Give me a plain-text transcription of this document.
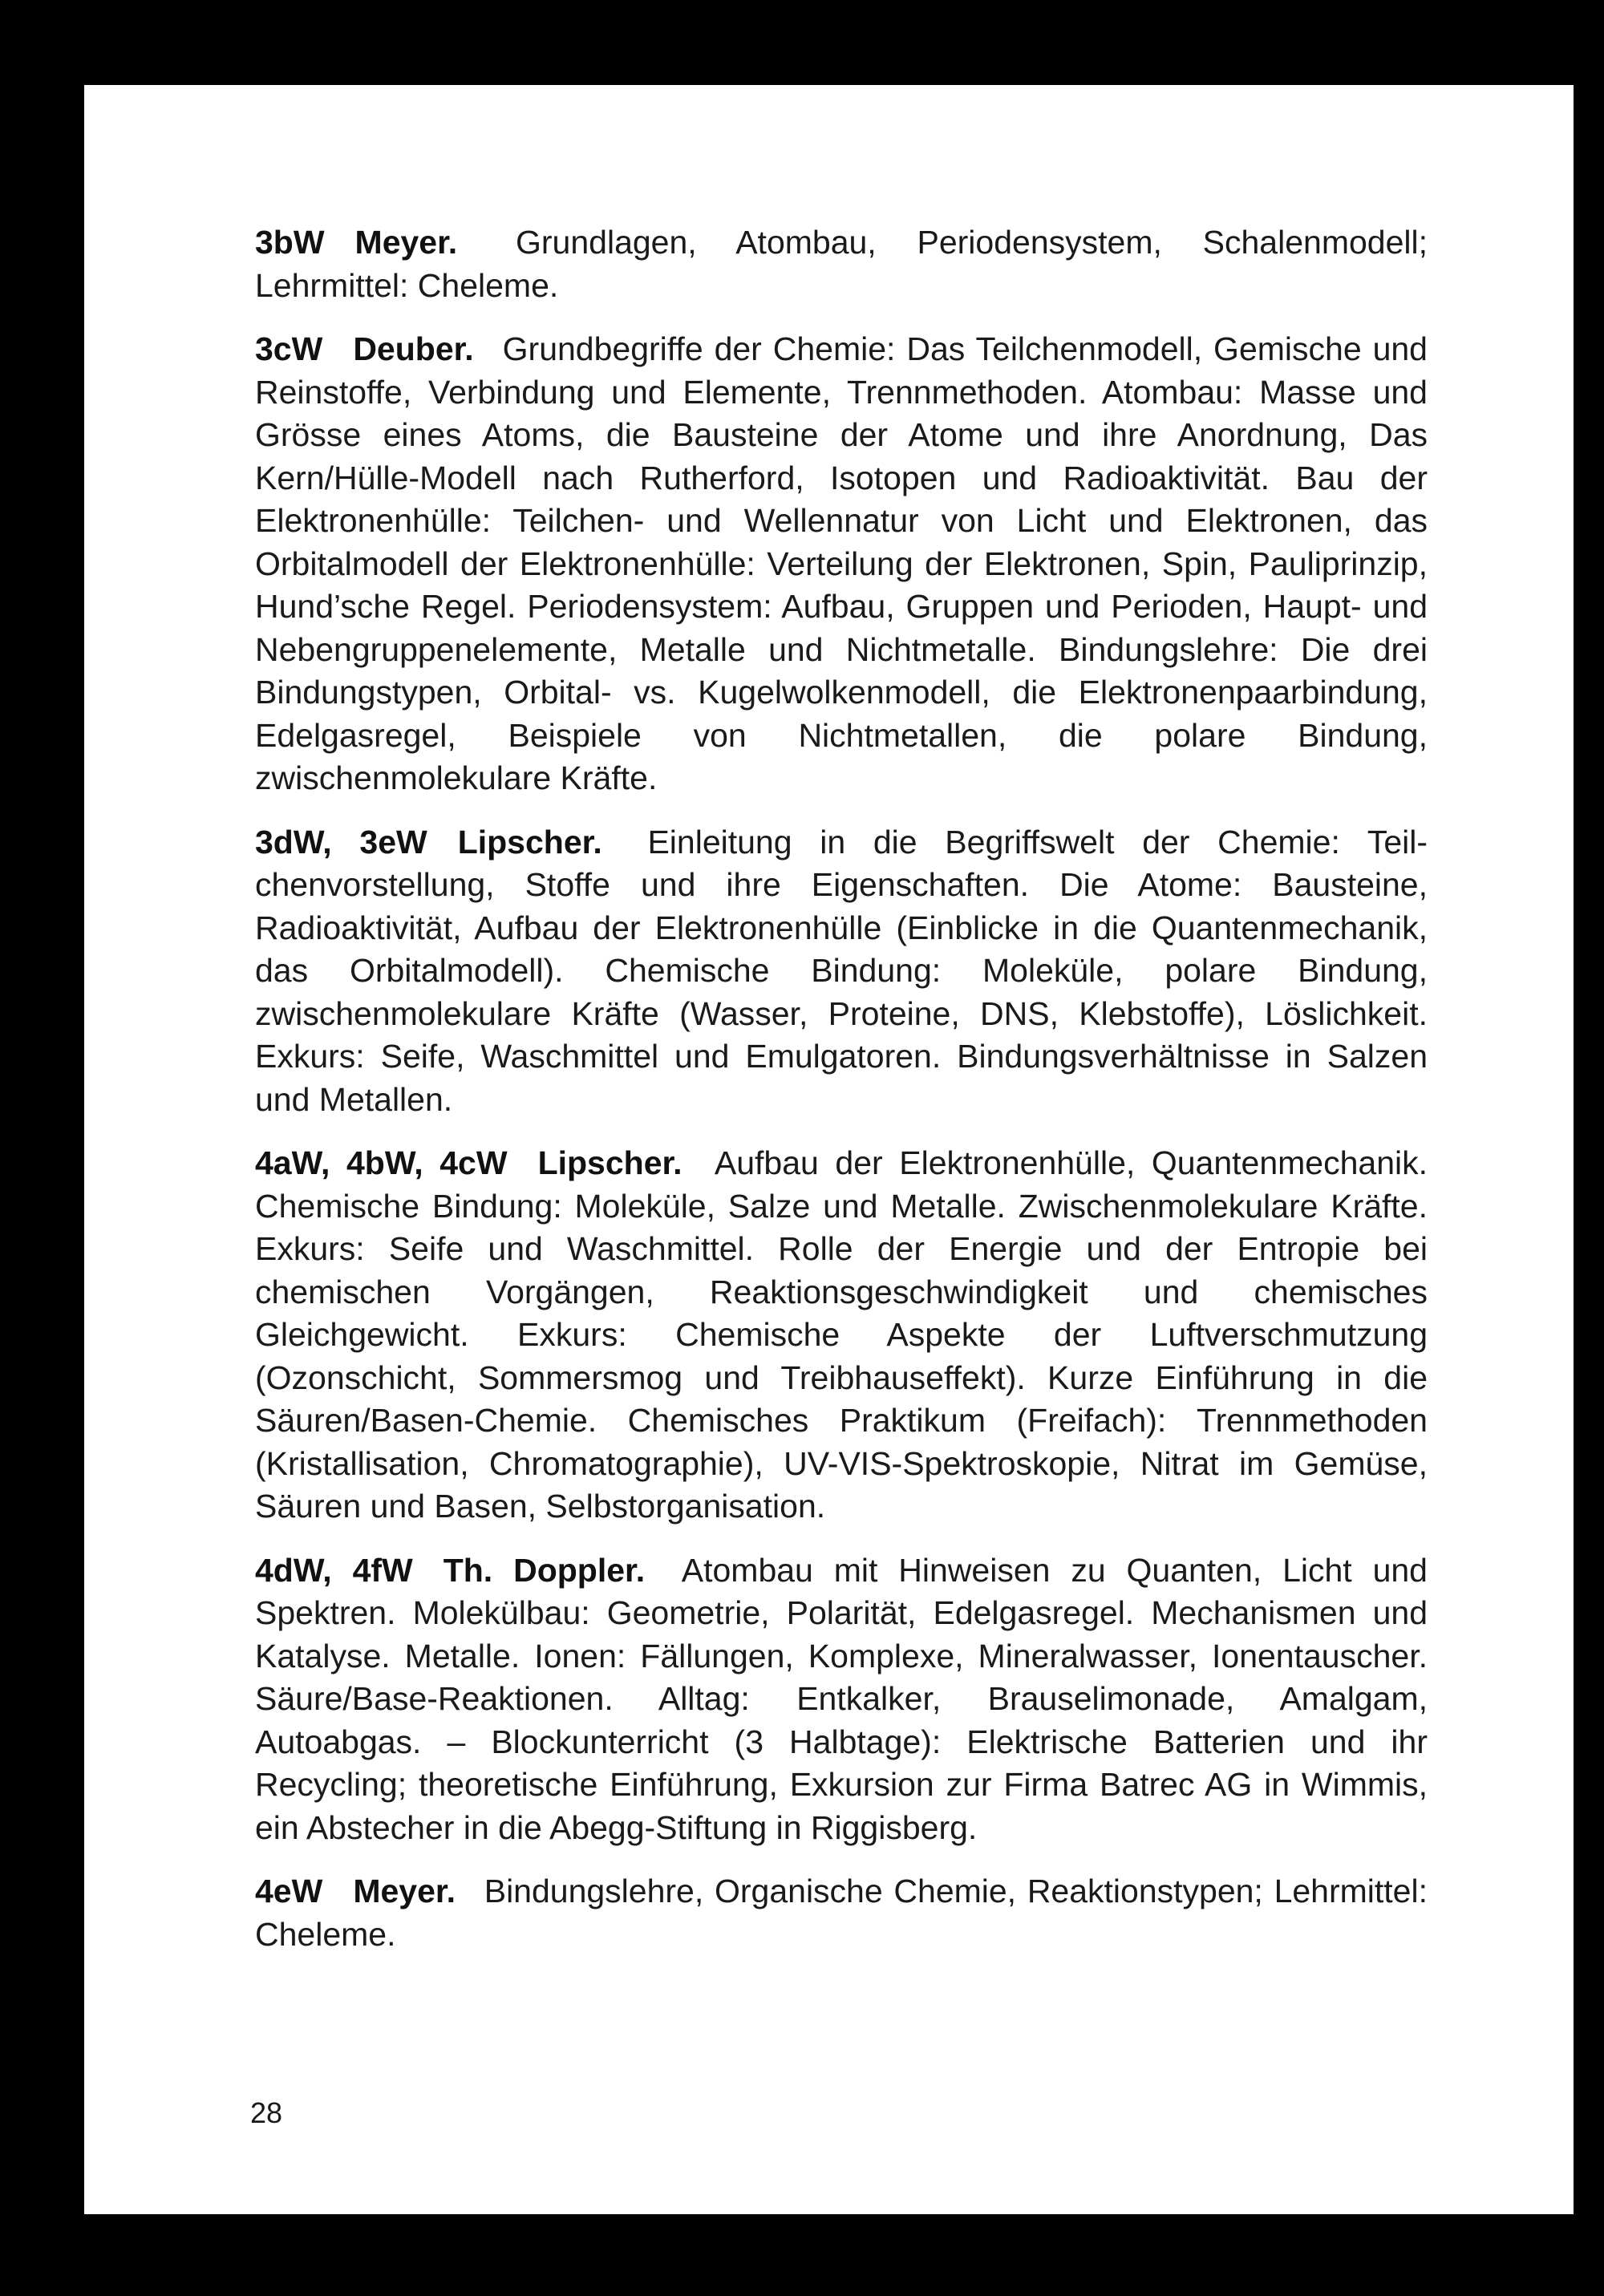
3bW Meyer. Grundlagen, Atombau, Periodensystem, Schalenmodell; Lehrmittel: Cheleme.

3cW Deuber. Grundbegriffe der Chemie: Das Teilchenmodell, Gemische und Reinstoffe, Verbindung und Elemente, Trennmethoden. Atombau: Masse und Grösse eines Atoms, die Bausteine der Atome und ihre Anordnung, Das Kern/Hülle-Modell nach Rutherford, Isotopen und Radioaktivität. Bau der Elektronenhülle: Teilchen- und Wellennatur von Licht und Elektronen, das Orbitalmodell der Elektronenhülle: Verteilung der Elektronen, Spin, Pauliprinzip, Hund’sche Regel. Periodensystem: Aufbau, Gruppen und Perioden, Haupt- und Nebengruppenelemente, Metalle und Nichtmetalle. Bindungslehre: Die drei Bindungstypen, Orbital- vs. Kugelwolkenmodell, die Elektronenpaarbindung, Edelgasregel, Beispiele von Nichtmetallen, die polare Bindung, zwischenmolekulare Kräfte.

3dW, 3eW Lipscher. Einleitung in die Begriffswelt der Chemie: Teilchenvorstellung, Stoffe und ihre Eigenschaften. Die Atome: Bausteine, Radioaktivität, Aufbau der Elektronenhülle (Einblicke in die Quantenmechanik, das Orbitalmodell). Chemische Bindung: Moleküle, polare Bindung, zwischenmolekulare Kräfte (Wasser, Proteine, DNS, Klebstoffe), Löslichkeit. Exkurs: Seife, Waschmittel und Emulgatoren. Bindungsverhältnisse in Salzen und Metallen.

4aW, 4bW, 4cW Lipscher. Aufbau der Elektronenhülle, Quantenmechanik. Chemische Bindung: Moleküle, Salze und Metalle. Zwischenmolekulare Kräfte. Exkurs: Seife und Waschmittel. Rolle der Energie und der Entropie bei chemischen Vorgängen, Reaktionsgeschwindigkeit und chemisches Gleichgewicht. Exkurs: Chemische Aspekte der Luftverschmutzung (Ozonschicht, Sommersmog und Treibhauseffekt). Kurze Einführung in die Säuren/Basen-Chemie. Chemisches Praktikum (Freifach): Trennmethoden (Kristallisation, Chromatographie), UV-VIS-Spektroskopie, Nitrat im Gemüse, Säuren und Basen, Selbstorganisation.

4dW, 4fW Th. Doppler. Atombau mit Hinweisen zu Quanten, Licht und Spektren. Molekülbau: Geometrie, Polarität, Edelgasregel. Mechanismen und Katalyse. Metalle. Ionen: Fällungen, Komplexe, Mineralwasser, Ionentauscher. Säure/Base-Reaktionen. Alltag: Entkalker, Brauselimonade, Amalgam, Autoabgas. – Blockunterricht (3 Halbtage): Elektrische Batterien und ihr Recycling; theoretische Einführung, Exkursion zur Firma Batrec AG in Wimmis, ein Abstecher in die Abegg-Stiftung in Riggisberg.

4eW Meyer. Bindungslehre, Organische Chemie, Reaktionstypen; Lehrmittel: Cheleme.

28
